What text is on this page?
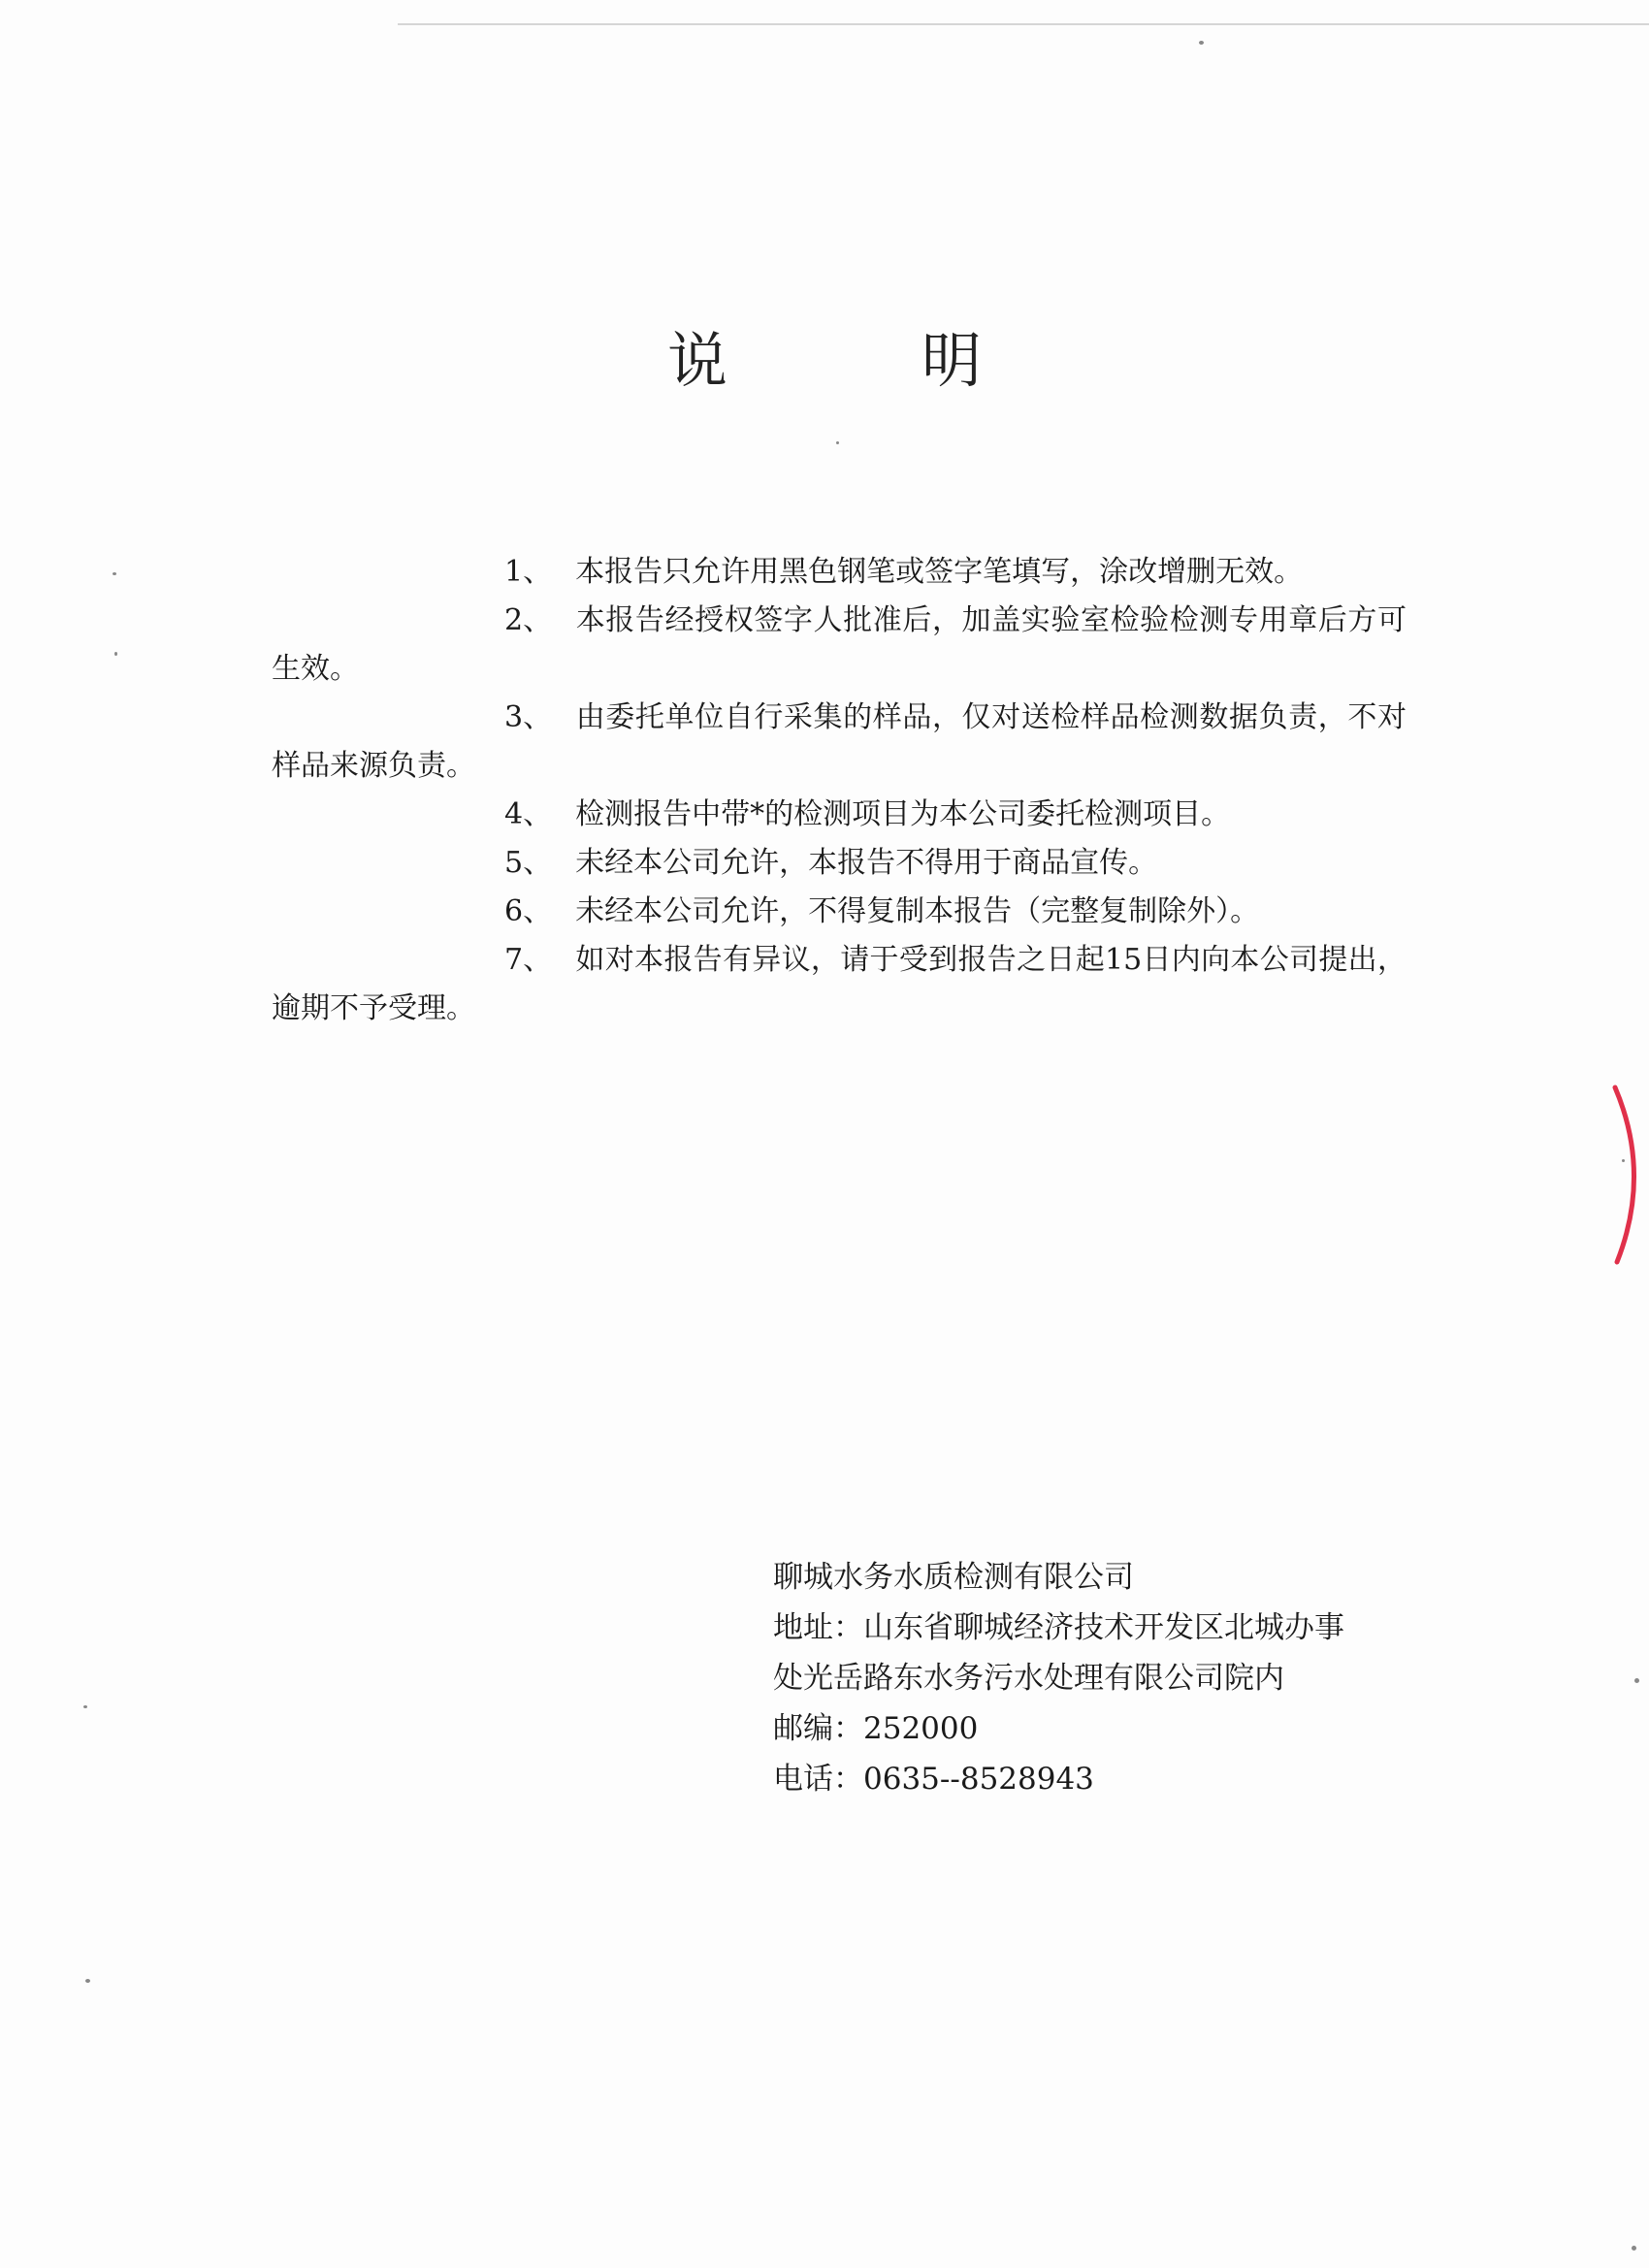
说	明

1、 本报告只允许用黑色钢笔或签字笔填写，涂改增删无效。

2、 本报告经授权签字人批准后，加盖实验室检验检测专用章后方可生效。

3、 由委托单位自行采集的样品，仅对送检样品检测数据负责，不对样品来源负责。

4、 检测报告中带*的检测项目为本公司委托检测项目。

5、 未经本公司允许，本报告不得用于商品宣传。

6、 未经本公司允许，不得复制本报告（完整复制除外）。

7、 如对本报告有异议，请于受到报告之日起15日内向本公司提出，逾期不予受理。

聊城水务水质检测有限公司
地址：山东省聊城经济技术开发区北城办事
处光岳路东水务污水处理有限公司院内
邮编：252000
电话：0635--8528943
